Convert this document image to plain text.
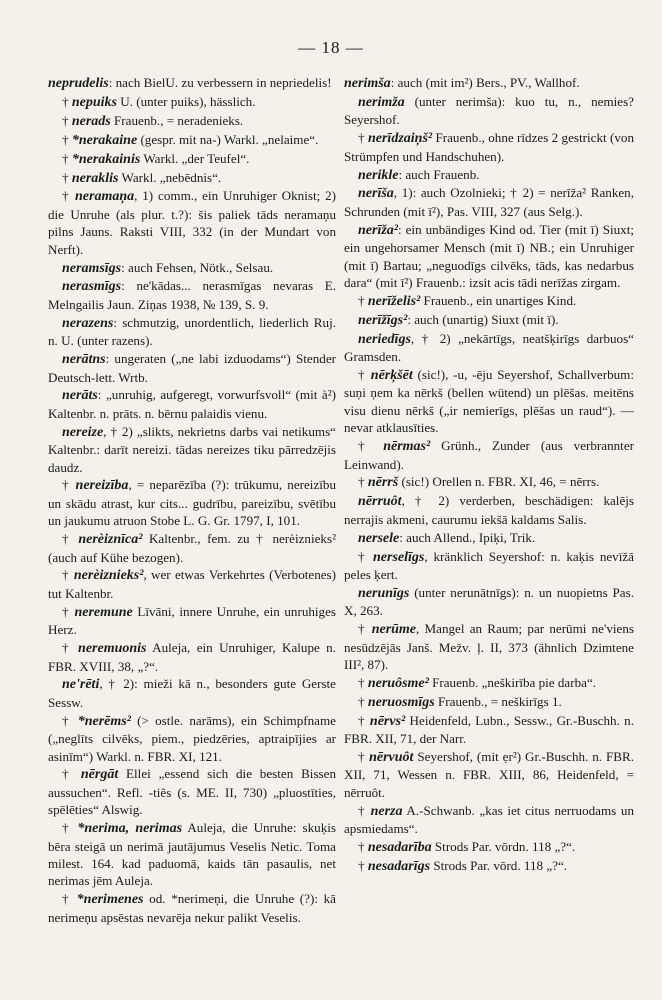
— 18 —

neprudelis: nach BielU. zu verbessern in nepriedelis!

† nepuiks U. (unter puiks), hässlich.

† nerads Frauenb., = neradenieks.

† *nerakaine (gespr. mit na-) Warkl. „nelaime“.

† *nerakainis Warkl. „der Teufel“.

† neraklis Warkl. „nebēdnis“.

† neramaņa, 1) comm., ein Unruhiger Oknist; 2) die Unruhe (als plur. t.?): šis paliek tāds neramaņu pilns Jauns. Raksti VIII, 332 (in der Mundart von Nerft).

neramsīgs: auch Fehsen, Nötk., Selsau.

nerasmīgs: ne'kādas... nerasmīgas nevaras E. Melngailis Jaun. Ziņas 1938, № 139, S. 9.

nerazens: schmutzig, unordentlich, liederlich Ruj. n. U. (unter razens).

nerātns: ungeraten („ne labi izduodams“) Stender Deutsch-lett. Wrtb.

nerāts: „unruhig, aufgeregt, vorwurfsvoll“ (mit à²) Kaltenbr. n. prāts. n. bērnu palaidis vienu.

nereize, † 2) „slikts, nekrietns darbs vai netikums“ Kaltenbr.: darīt nereizi. tādas nereizes tiku pārredzējis daudz.

† nereizība, = neparēzība (?): trūkumu, nereizību un skādu atrast, kur cits... gudrību, pareizību, svētību un jaukumu atruon Stobe L. G. Gr. 1797, I, 101.

† nerèiznīca² Kaltenbr., fem. zu † nerèiznieks² (auch auf Kühe bezogen).

† nerèiznieks², wer etwas Verkehrtes (Verbotenes) tut Kaltenbr.

† neremune Līvāni, innere Unruhe, ein unruhiges Herz.

† neremuonis Auleja, ein Unruhiger, Kalupe n. FBR. XVIII, 38, „?“.

ne'rēti, † 2): mieži kā n., besonders gute Gerste Sessw.

† *nerēms² (> ostle. narāms), ein Schimpfname („neglīts cilvēks, piem., piedzēries, aptraipījies ar asinīm“) Warkl. n. FBR. XI, 121.

† nērgāt Ellei „essend sich die besten Bissen aussuchen“. Refl. -tiês (s. ME. II, 730) „pluostīties, spēlēties“ Alswig.

† *nerima, nerimas Auleja, die Unruhe: skuķis bēra steigā un nerimā jautājumus Veselis Netic. Toma milest. 164. kad paduomā, kaids tān pasaulis, net nerimas jēm Auleja.

† *nerimenes od. *nerimeņi, die Unruhe (?): kā nerimeņu apsēstas nevarēja nekur palikt Veselis.

nerimša: auch (mit im²) Bers., PV., Wallhof.

nerimža (unter nerimša): kuo tu, n., nemies? Seyershof.

† nerīdzaiņš² Frauenb., ohne rīdzes 2 gestrickt (von Strümpfen und Handschuhen).

nerikle: auch Frauenb.

nerīša, 1): auch Ozolnieki; † 2) = nerīža² Ranken, Schrunden (mit ī²), Pas. VIII, 327 (aus Selg.).

nerīža²: ein unbändiges Kind od. Tier (mit ī) Siuxt; ein ungehorsamer Mensch (mit ī) NB.; ein Unruhiger (mit ī) Bartau; „neguodīgs cilvēks, tāds, kas nedarbus dara“ (mit ī²) Frauenb.: izsit acis tādi nerīžas zirgam.

† nerīželis² Frauenb., ein unartiges Kind.

nerīžīgs²: auch (unartig) Siuxt (mit ī).

neriedīgs, † 2) „nekārtīgs, neatšķirīgs darbuos“ Gramsden.

† nērķšēt (sic!), -u, -ēju Seyershof, Schallverbum: suņi ņem ka nērkš (bellen wütend) un plēšas. meitēns visu dienu nērkš („ir nemierīgs, plēšas un raud“). — nevar atklausīties.

† nērmas² Grünh., Zunder (aus verbrannter Leinwand).

† nērrš (sic!) Orellen n. FBR. XI, 46, = nērrs.

nērruôt, † 2) verderben, beschädigen: kalējs nerrajis akmeni, caurumu iekšā kaldams Salis.

nersele: auch Allend., Ipiķi, Trik.

† nerselīgs, kränklich Seyershof: n. kaķis nevīžā peles ķert.

nerunīgs (unter nerunātnīgs): n. un nuopietns Pas. X, 263.

† nerūme, Mangel an Raum; par nerūmi ne'viens nesūdzējās Janš. Mežv. ļ. II, 373 (ähnlich Dzimtene III², 87).

† neruôsme² Frauenb. „neškirība pie darba“.

† neruosmīgs Frauenb., = neškirīgs 1.

† nērvs² Heidenfeld, Lubn., Sessw., Gr.-Buschh. n. FBR. XII, 71, der Narr.

† nērvuôt Seyershof, (mit ẹr²) Gr.-Buschh. n. FBR. XII, 71, Wessen n. FBR. XIII, 86, Heidenfeld, = nērruôt.

† nerza A.-Schwanb. „kas iet citus nerruodams un apsmiedams“.

† nesadarība Strods Par. vōrdn. 118 „?“.

† nesadarīgs Strods Par. vōrd. 118 „?“.
